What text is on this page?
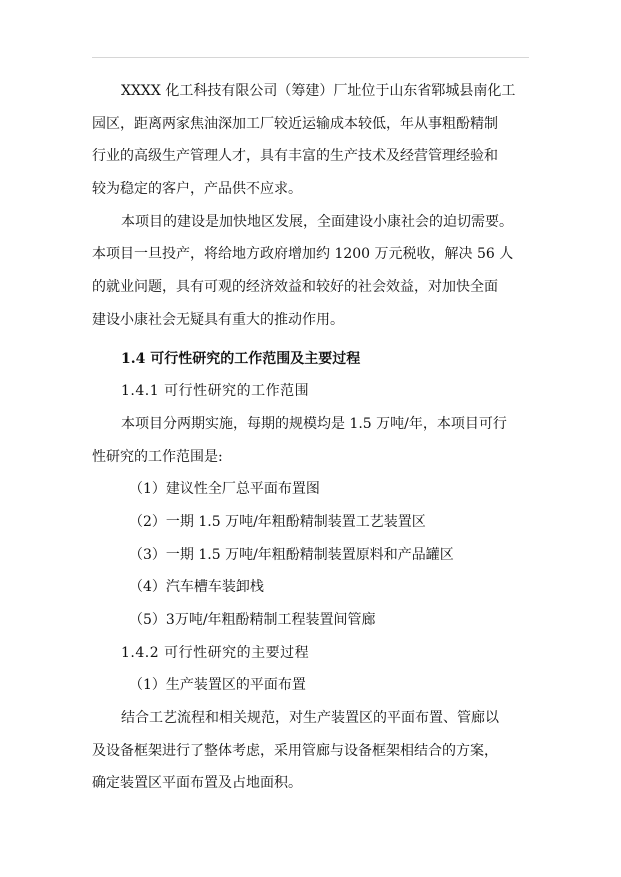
XXXX 化工科技有限公司（筹建）厂址位于山东省郓城县南化工
园区，距离两家焦油深加工厂较近运输成本较低，年从事粗酚精制
行业的高级生产管理人才，具有丰富的生产技术及经营管理经验和
较为稳定的客户，产品供不应求。
本项目的建设是加快地区发展，全面建设小康社会的迫切需要。
本项目一旦投产，将给地方政府增加约 1200 万元税收，解决 56 人
的就业问题，具有可观的经济效益和较好的社会效益，对加快全面
建设小康社会无疑具有重大的推动作用。
1.4 可行性研究的工作范围及主要过程
1.4.1 可行性研究的工作范围
本项目分两期实施，每期的规模均是 1.5 万吨/年，本项目可行
性研究的工作范围是:
（1）建议性全厂总平面布置图
（2）一期 1.5 万吨/年粗酚精制装置工艺装置区
（3）一期 1.5 万吨/年粗酚精制装置原料和产品罐区
（4）汽车槽车装卸栈
（5）3万吨/年粗酚精制工程装置间管廊
1.4.2 可行性研究的主要过程
（1）生产装置区的平面布置
结合工艺流程和相关规范，对生产装置区的平面布置、管廊以
及设备框架进行了整体考虑，采用管廊与设备框架相结合的方案，
确定装置区平面布置及占地面积。
